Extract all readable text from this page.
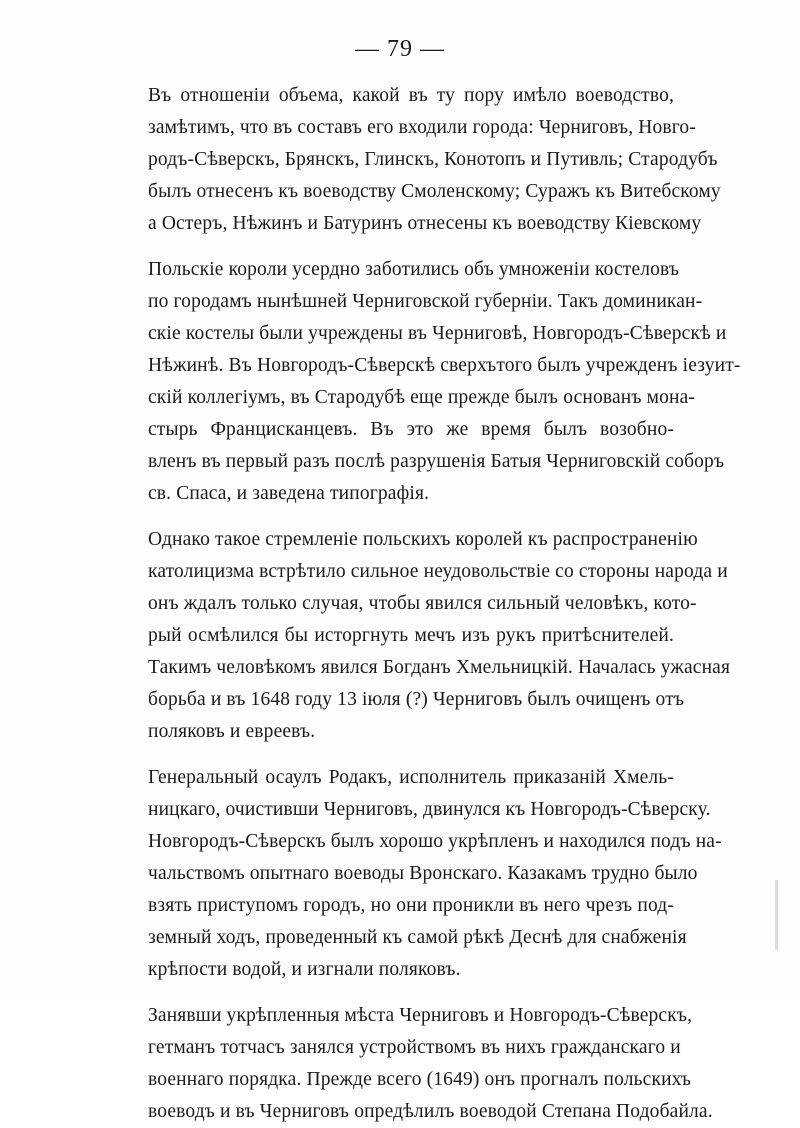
— 79 —
Въ отношеніи объема, какой въ ту пору имѣло воеводство,
замѣтимъ, что въ составъ его входили города: Черниговъ, Новго-
родъ-Сѣверскъ, Брянскъ, Глинскъ, Конотопъ и Путивль; Стародубъ
былъ отнесенъ къ воеводству Смоленскому; Суражъ къ Витебскому
а Остеръ, Нѣжинъ и Батуринъ отнесены къ воеводству Кіевскому
Польскіе короли усердно заботились объ умноженіи костеловъ
по городамъ нынѣшней Черниговской губерніи. Такъ доминикан-
скіе костелы были учреждены въ Черниговѣ, Новгородъ-Сѣверскѣ и
Нѣжинѣ. Въ Новгородъ-Сѣверскѣ сверхътого былъ учрежденъ іезуит-
скій коллегіумъ, въ Стародубѣ еще прежде былъ основанъ мона-
стырь Францисканцевъ. Въ это же время былъ возобно-
вленъ въ первый разъ послѣ разрушенія Батыя Черниговскій соборъ
св. Спаса, и заведена типографія.
Однако такое стремленіе польскихъ королей къ распространенію
католицизма встрѣтило сильное неудовольствіе со стороны народа и
онъ ждалъ только случая, чтобы явился сильный человѣкъ, кото-
рый осмѣлился бы исторгнуть мечъ изъ рукъ притѣснителей.
Такимъ человѣкомъ явился Богданъ Хмельницкій. Началась ужасная
борьба и въ 1648 году 13 іюля (?) Черниговъ былъ очищенъ отъ
поляковъ и евреевъ.
Генеральный осаулъ Родакъ, исполнитель приказаній Хмель-
ницкаго, очистивши Черниговъ, двинулся къ Новгородъ-Сѣверску.
Новгородъ-Сѣверскъ былъ хорошо укрѣпленъ и находился подъ на-
чальствомъ опытнаго воеводы Вронскаго. Казакамъ трудно было
взять приступомъ городъ, но они проникли въ него чрезъ под-
земный ходъ, проведенный къ самой рѣкѣ Деснѣ для снабженія
крѣпости водой, и изгнали поляковъ.
Занявши укрѣпленныя мѣста Черниговъ и Новгородъ-Сѣверскъ,
гетманъ тотчасъ занялся устройствомъ въ нихъ гражданскаго и
военнаго порядка. Прежде всего (1649) онъ прогналъ польскихъ
воеводъ и въ Черниговъ опредѣлилъ воеводой Степана Подобайла.
